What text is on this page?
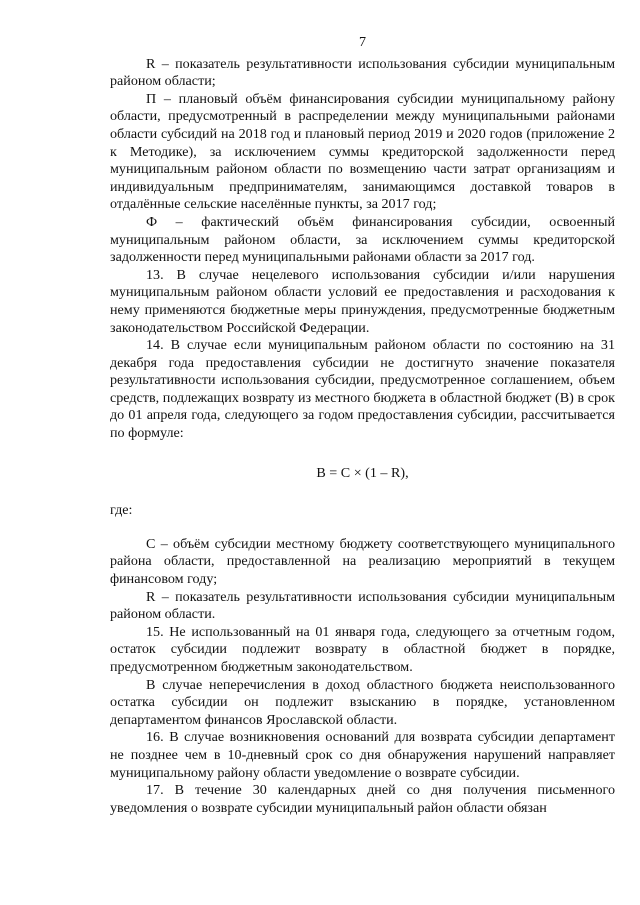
7

R – показатель результативности использования субсидии муниципальным районом области;

П – плановый объём финансирования субсидии муниципальному району области, предусмотренный в распределении между муниципальными районами области субсидий на 2018 год и плановый период 2019 и 2020 годов (приложение 2 к Методике), за исключением суммы кредиторской задолженности перед муниципальным районом области по возмещению части затрат организациям и индивидуальным предпринимателям, занимающимся доставкой товаров в отдалённые сельские населённые пункты, за 2017 год;

Ф – фактический объём финансирования субсидии, освоенный муниципальным районом области, за исключением суммы кредиторской задолженности перед муниципальными районами области за 2017 год.

13. В случае нецелевого использования субсидии и/или нарушения муниципальным районом области условий ее предоставления и расходования к нему применяются бюджетные меры принуждения, предусмотренные бюджетным законодательством Российской Федерации.

14. В случае если муниципальным районом области по состоянию на 31 декабря года предоставления субсидии не достигнуто значение показателя результативности использования субсидии, предусмотренное соглашением, объем средств, подлежащих возврату из местного бюджета в областной бюджет (В) в срок до 01 апреля года, следующего за годом предоставления субсидии, рассчитывается по формуле:

В = С × (1 – R),

где:

С – объём субсидии местному бюджету соответствующего муниципального района области, предоставленной на реализацию мероприятий в текущем финансовом году;

R – показатель результативности использования субсидии муниципальным районом области.

15. Не использованный на 01 января года, следующего за отчетным годом, остаток субсидии подлежит возврату в областной бюджет в порядке, предусмотренном бюджетным законодательством.

В случае неперечисления в доход областного бюджета неиспользованного остатка субсидии он подлежит взысканию в порядке, установленном департаментом финансов Ярославской области.

16. В случае возникновения оснований для возврата субсидии департамент не позднее чем в 10-дневный срок со дня обнаружения нарушений направляет муниципальному району области уведомление о возврате субсидии.

17. В течение 30 календарных дней со дня получения письменного уведомления о возврате субсидии муниципальный район области обязан
